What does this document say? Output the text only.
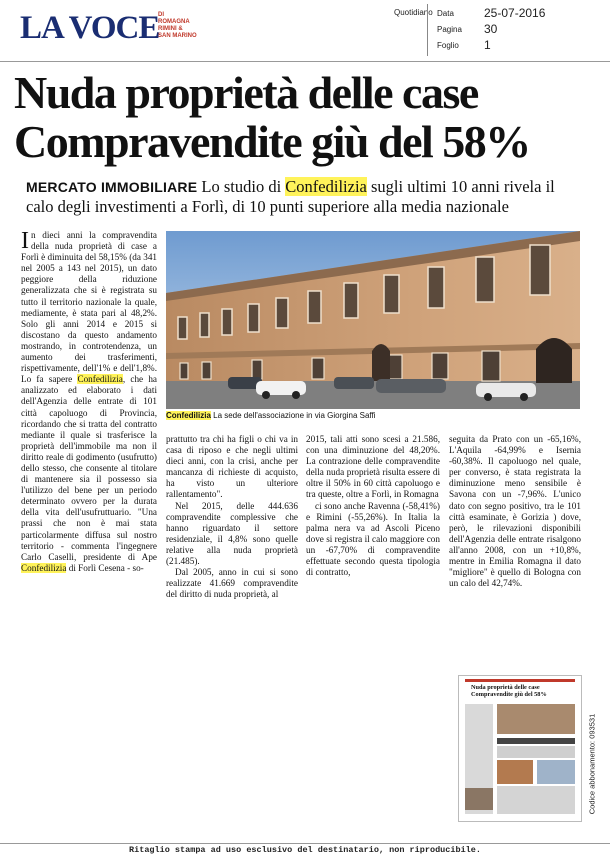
LA VOCE
DI
ROMAGNA
RIMINI &
SAN MARINO
Quotidiano Data	25-07-2016
Pagina 30
Foglio 1
Nuda proprietà delle case
Compravendite giù del 58%

MERCATO IMMOBILIARE Lo studio di Confedilizia sugli ultimi 10 anni rivela il calo degli investimenti a Forlì, di 10 punti superiore alla media nazionale

Confedilizia La sede dell'associazione in via Giorgina Saffi

In dieci anni la compravendita della nuda proprietà di case a Forlì è diminuita del 58,15% (da 341 nel 2005 a 143 nel 2015), un dato peggiore della riduzione generalizzata che si è registrata su tutto il territorio nazionale la quale, mediamente, è stata pari al 48,2%. Solo gli anni 2014 e 2015 si discostano da questo andamento mostrando, in controtendenza, un aumento dei trasferimenti, rispettivamente, dell'1% e dell'1,8%. Lo fa sapere Confedilizia, che ha analizzato ed elaborato i dati dell'Agenzia delle entrate di 101 città capoluogo di Provincia, ricordando che si tratta del contratto mediante il quale si trasferisce la proprietà dell'immobile ma non il diritto reale di godimento (usufrutto) dello stesso, che consente al titolare di mantenere sia il possesso sia l'utilizzo del bene per un periodo determinato ovvero per la durata della vita dell'usufruttuario. "Una prassi che non è mai stata particolarmente diffusa sul nostro territorio - commenta l'ingegnere Carlo Caselli, presidente di Ape Confedilizia di Forlì Cesena - so-

prattutto tra chi ha figli o chi va in casa di riposo e che negli ultimi dieci anni, con la crisi, anche per mancanza di richieste di acquisto, ha visto un ulteriore rallentamento".

Nel 2015, delle 444.636 compravendite complessive che hanno riguardato il settore residenziale, il 4,8% sono quelle relative alla nuda proprietà (21.485).

Dal 2005, anno in cui si sono realizzate 41.669 compravendite del diritto di nuda proprietà, al

2015, tali atti sono scesi a 21.586, con una diminuzione del 48,20%. La contrazione delle compravendite della nuda proprietà risulta essere di oltre il 50% in 60 città capoluogo e tra queste, oltre a Forlì, in Romagna

ci sono anche Ravenna (-58,41%) e Rimini (-55,26%). In Italia la palma nera va ad Ascoli Piceno dove si registra il calo maggiore con un -67,70% di compravendite effettuate secondo questa tipologia di contratto,

seguita da Prato con un -65,16%, L'Aquila -64,99% e Isernia -60,38%. Il capoluogo nel quale, per converso, è stata registrata la diminuzione meno sensibile è Savona con un -7,96%. L'unico dato con segno positivo, tra le 101 città esaminate, è Gorizia ) dove, però, le rilevazioni disponibili dell'Agenzia delle entrate risalgono all'anno 2008, con un +10,8%, mentre in Emilia Romagna il dato "migliore" è quello di Bologna con un calo del 42,74%.

Nuda proprietà delle case
Compravendite giù del 58%
Codice abbonamento: 093531
Ritaglio stampa ad uso esclusivo del destinatario, non riproducibile.
